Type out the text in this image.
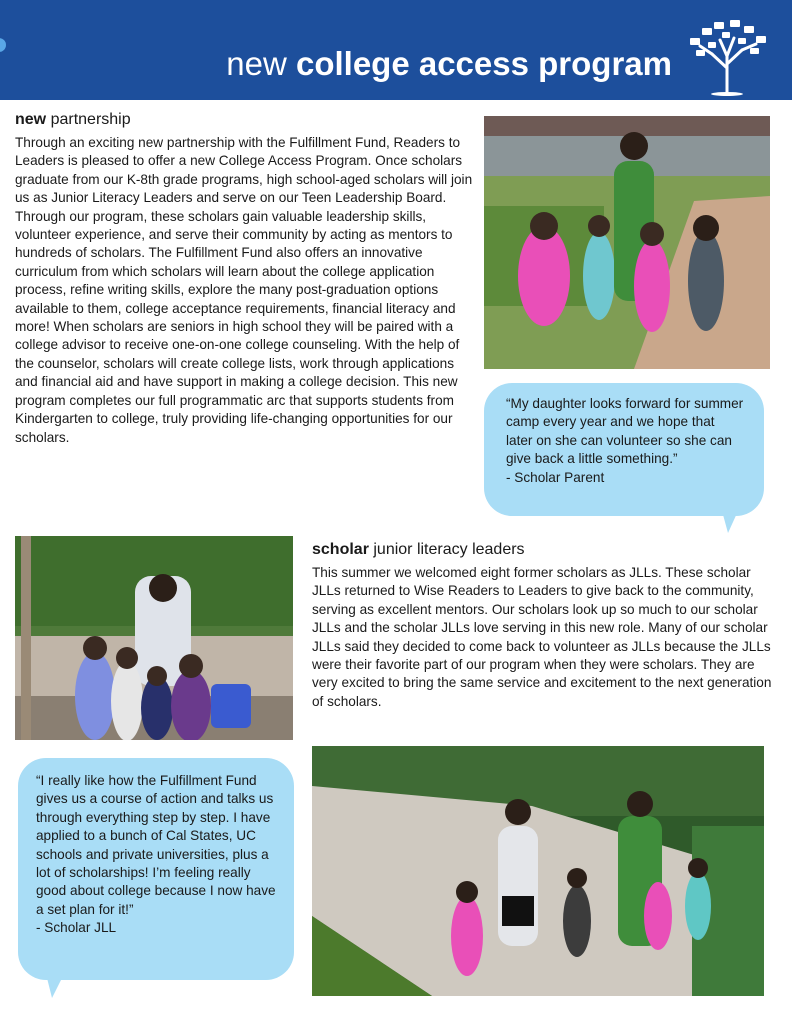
new college access program
new partnership

Through an exciting new partnership with the Fulfillment Fund, Readers to Leaders is pleased to offer a new College Access Program. Once scholars graduate from our K-8th grade programs, high school-aged scholars will join us as Junior Literacy Leaders and serve on our Teen Leadership Board. Through our program, these scholars gain valuable leadership skills, volunteer experience, and serve their community by acting as mentors to hundreds of scholars. The Fulfillment Fund also offers an innovative curriculum from which scholars will learn about the college application process, refine writing skills, explore the many post-graduation options available to them, college acceptance requirements, financial literacy and more! When scholars are seniors in high school they will be paired with a college advisor to receive one-on-one college counseling. With the help of the counselor, scholars will create college lists, work through applications and financial aid and have support in making a college decision. This new program completes our full programmatic arc that supports students from Kindergarten to college, truly providing life-changing opportunities for our scholars.

“My daughter looks forward for summer camp every year and we hope that later on she can volunteer so she can give back a little something.”

- Scholar Parent

scholar junior literacy leaders

This summer we welcomed eight former scholars as JLLs. These scholar JLLs returned to Wise Readers to Leaders to give back to the community, serving as excellent mentors. Our scholars look up so much to our scholar JLLs and the scholar JLLs love serving in this new role. Many of our scholar JLLs said they decided to come back to volunteer as JLLs because the JLLs were their favorite part of our program when they were scholars. They are very excited to bring the same service and excitement to the next generation of scholars.

“I really like how the Fulfillment Fund gives us a course of action and talks us through everything step by step. I have applied to a bunch of Cal States, UC schools and private universities, plus a lot of scholarships! I’m feeling really good about college because I now have a set plan for it!”

- Scholar JLL
